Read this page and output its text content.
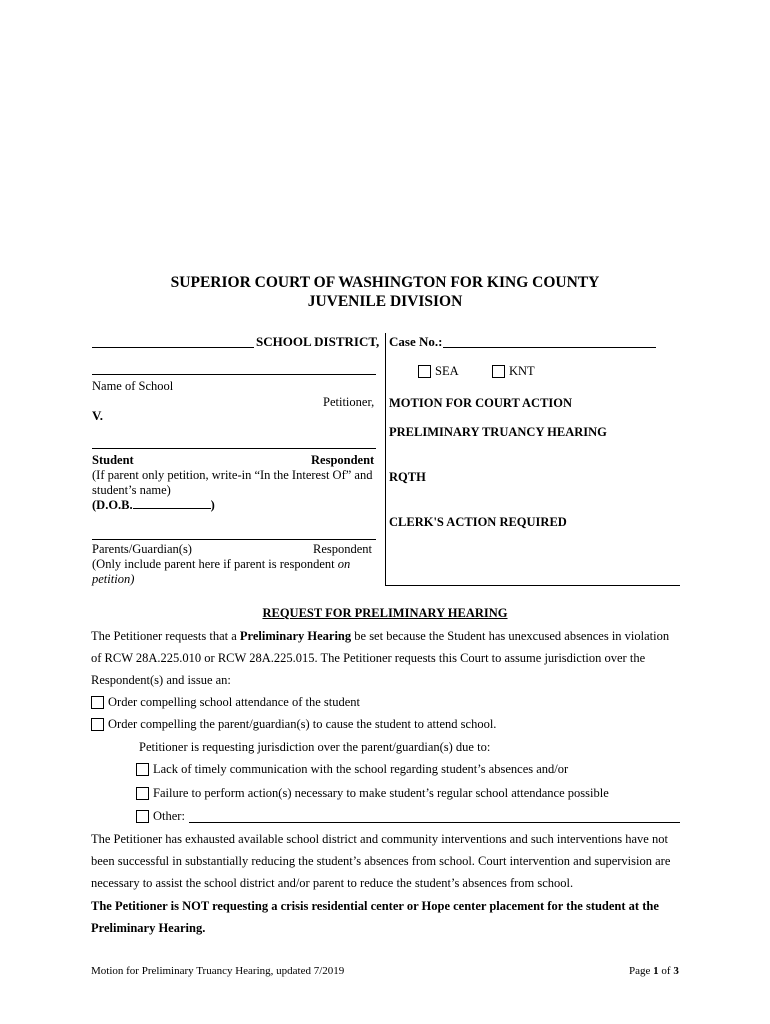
SUPERIOR COURT OF WASHINGTON FOR KING COUNTY
JUVENILE DIVISION
SCHOOL DISTRICT,
Name of School
Petitioner,
V.
Student	Respondent
(If parent only petition, write-in “In the Interest Of” and
student’s name)
(D.O.B.	)
Parents/Guardian(s)	Respondent
(Only include parent here if parent is respondent on
petition)
Case No.:
SEA	KNT
MOTION FOR COURT ACTION
PRELIMINARY TRUANCY HEARING
RQTH
CLERK'S ACTION REQUIRED
REQUEST FOR PRELIMINARY HEARING
The Petitioner requests that a Preliminary Hearing be set because the Student has unexcused absences in violation
of RCW 28A.225.010 or RCW 28A.225.015. The Petitioner requests this Court to assume jurisdiction over the
Respondent(s) and issue an:
Order compelling school attendance of the student
Order compelling the parent/guardian(s) to cause the student to attend school.
Petitioner is requesting jurisdiction over the parent/guardian(s) due to:
Lack of timely communication with the school regarding student’s absences and/or
Failure to perform action(s) necessary to make student’s regular school attendance possible
Other:
The Petitioner has exhausted available school district and community interventions and such interventions have not
been successful in substantially reducing the student’s absences from school. Court intervention and supervision are
necessary to assist the school district and/or parent to reduce the student’s absences from school.
The Petitioner is NOT requesting a crisis residential center or Hope center placement for the student at the
Preliminary Hearing.
Motion for Preliminary Truancy Hearing, updated 7/2019	Page 1 of 3
